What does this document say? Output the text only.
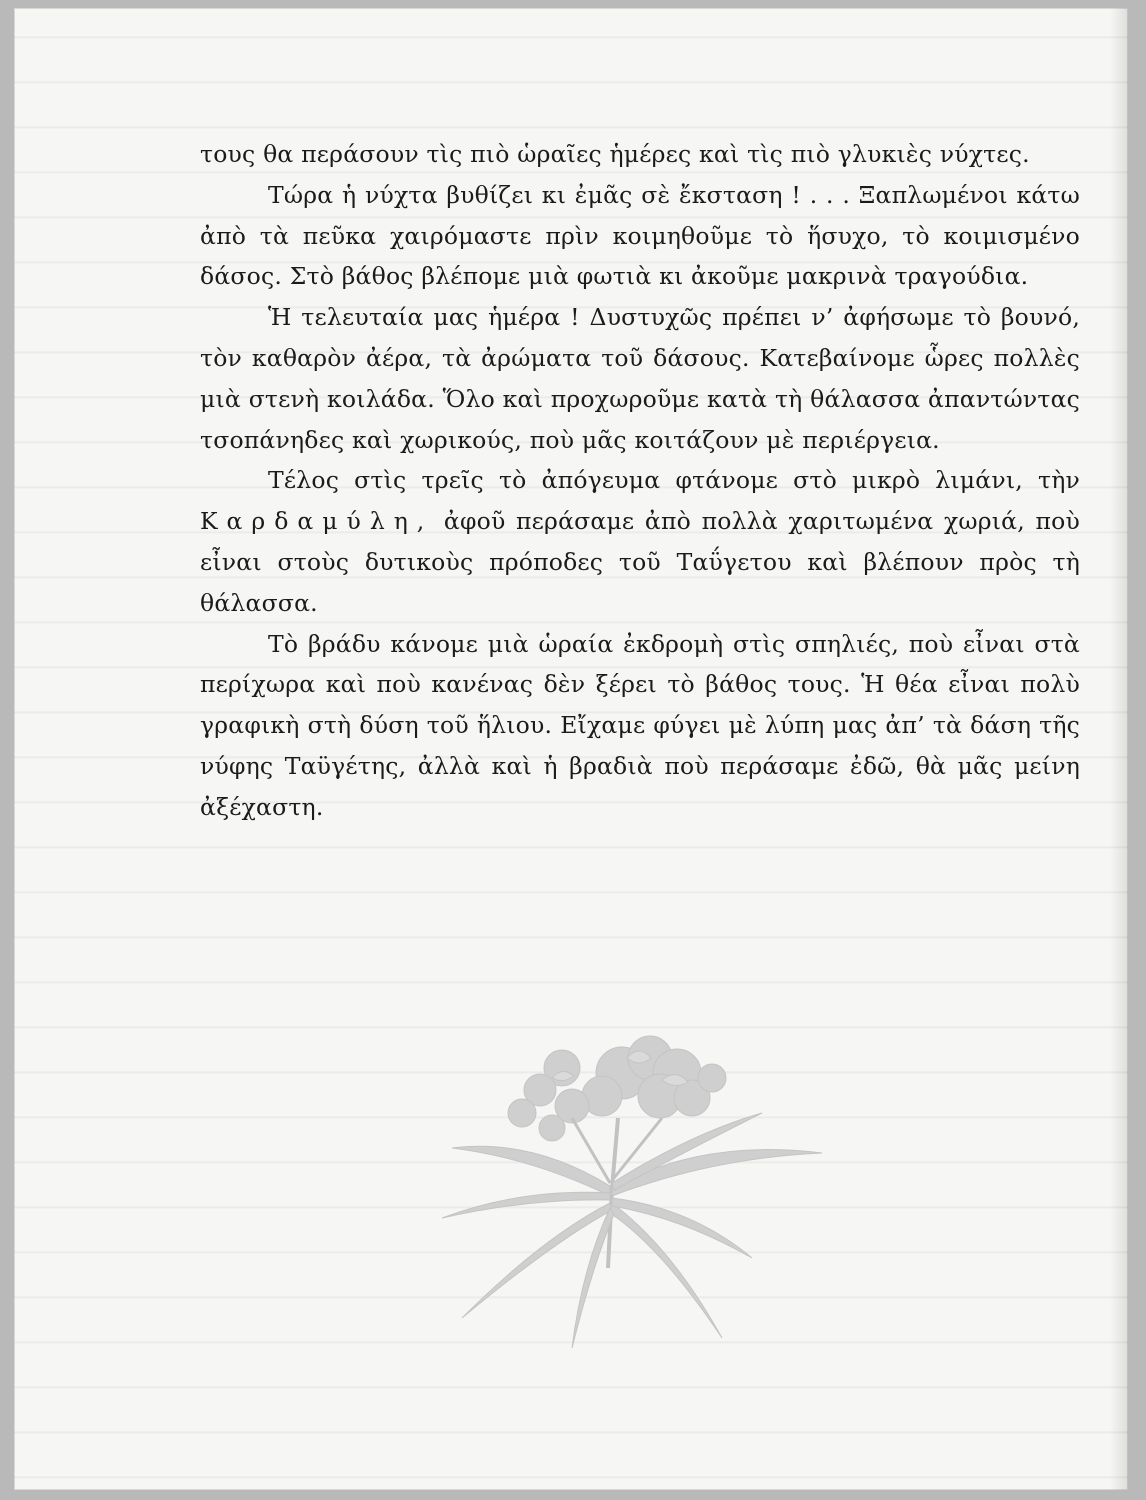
τους θα περάσουν τὶς πιὸ ὡραῖες ἡμέρες καὶ τὶς πιὸ γλυκιὲς νύχτες.

Τώρα ἡ νύχτα βυθίζει κι ἐμᾶς σὲ ἔκσταση ! . . . Ξαπλωμένοι κάτω ἀπὸ τὰ πεῦκα χαιρόμαστε πρὶν κοιμηθοῦμε τὸ ἥσυχο, τὸ κοιμισμένο δάσος. Στὸ βάθος βλέπομε μιὰ φωτιὰ κι ἀκοῦμε μακρινὰ τραγούδια.

Ἡ τελευταία μας ἡμέρα ! Δυστυχῶς πρέπει ν’ ἀφήσωμε τὸ βουνό, τὸν καθαρὸν ἀέρα, τὰ ἀρώματα τοῦ δάσους. Κατεβαίνομε ὧρες πολλὲς μιὰ στενὴ κοιλάδα. Ὅλο καὶ προχωροῦμε κατὰ τὴ θάλασσα ἀπαντώντας τσοπάνηδες καὶ χωρικούς, ποὺ μᾶς κοιτάζουν μὲ περιέργεια.

Τέλος στὶς τρεῖς τὸ ἀπόγευμα φτάνομε στὸ μικρὸ λιμάνι, τὴν Καρδαμύλη, ἀφοῦ περάσαμε ἀπὸ πολλὰ χαριτωμένα χωριά, ποὺ εἶναι στοὺς δυτικοὺς πρόποδες τοῦ Ταΰγετου καὶ βλέπουν πρὸς τὴ θάλασσα.

Τὸ βράδυ κάνομε μιὰ ὡραία ἐκδρομὴ στὶς σπηλιές, ποὺ εἶναι στὰ περίχωρα καὶ ποὺ κανένας δὲν ξέρει τὸ βάθος τους. Ἡ θέα εἶναι πολὺ γραφικὴ στὴ δύση τοῦ ἥλιου. Εἴχαμε φύγει μὲ λύπη μας ἀπ’ τὰ δάση τῆς νύφης Ταϋγέτης, ἀλλὰ καὶ ἡ βραδιὰ ποὺ περάσαμε ἐδῶ, θὰ μᾶς μείνη ἀξέχαστη.
